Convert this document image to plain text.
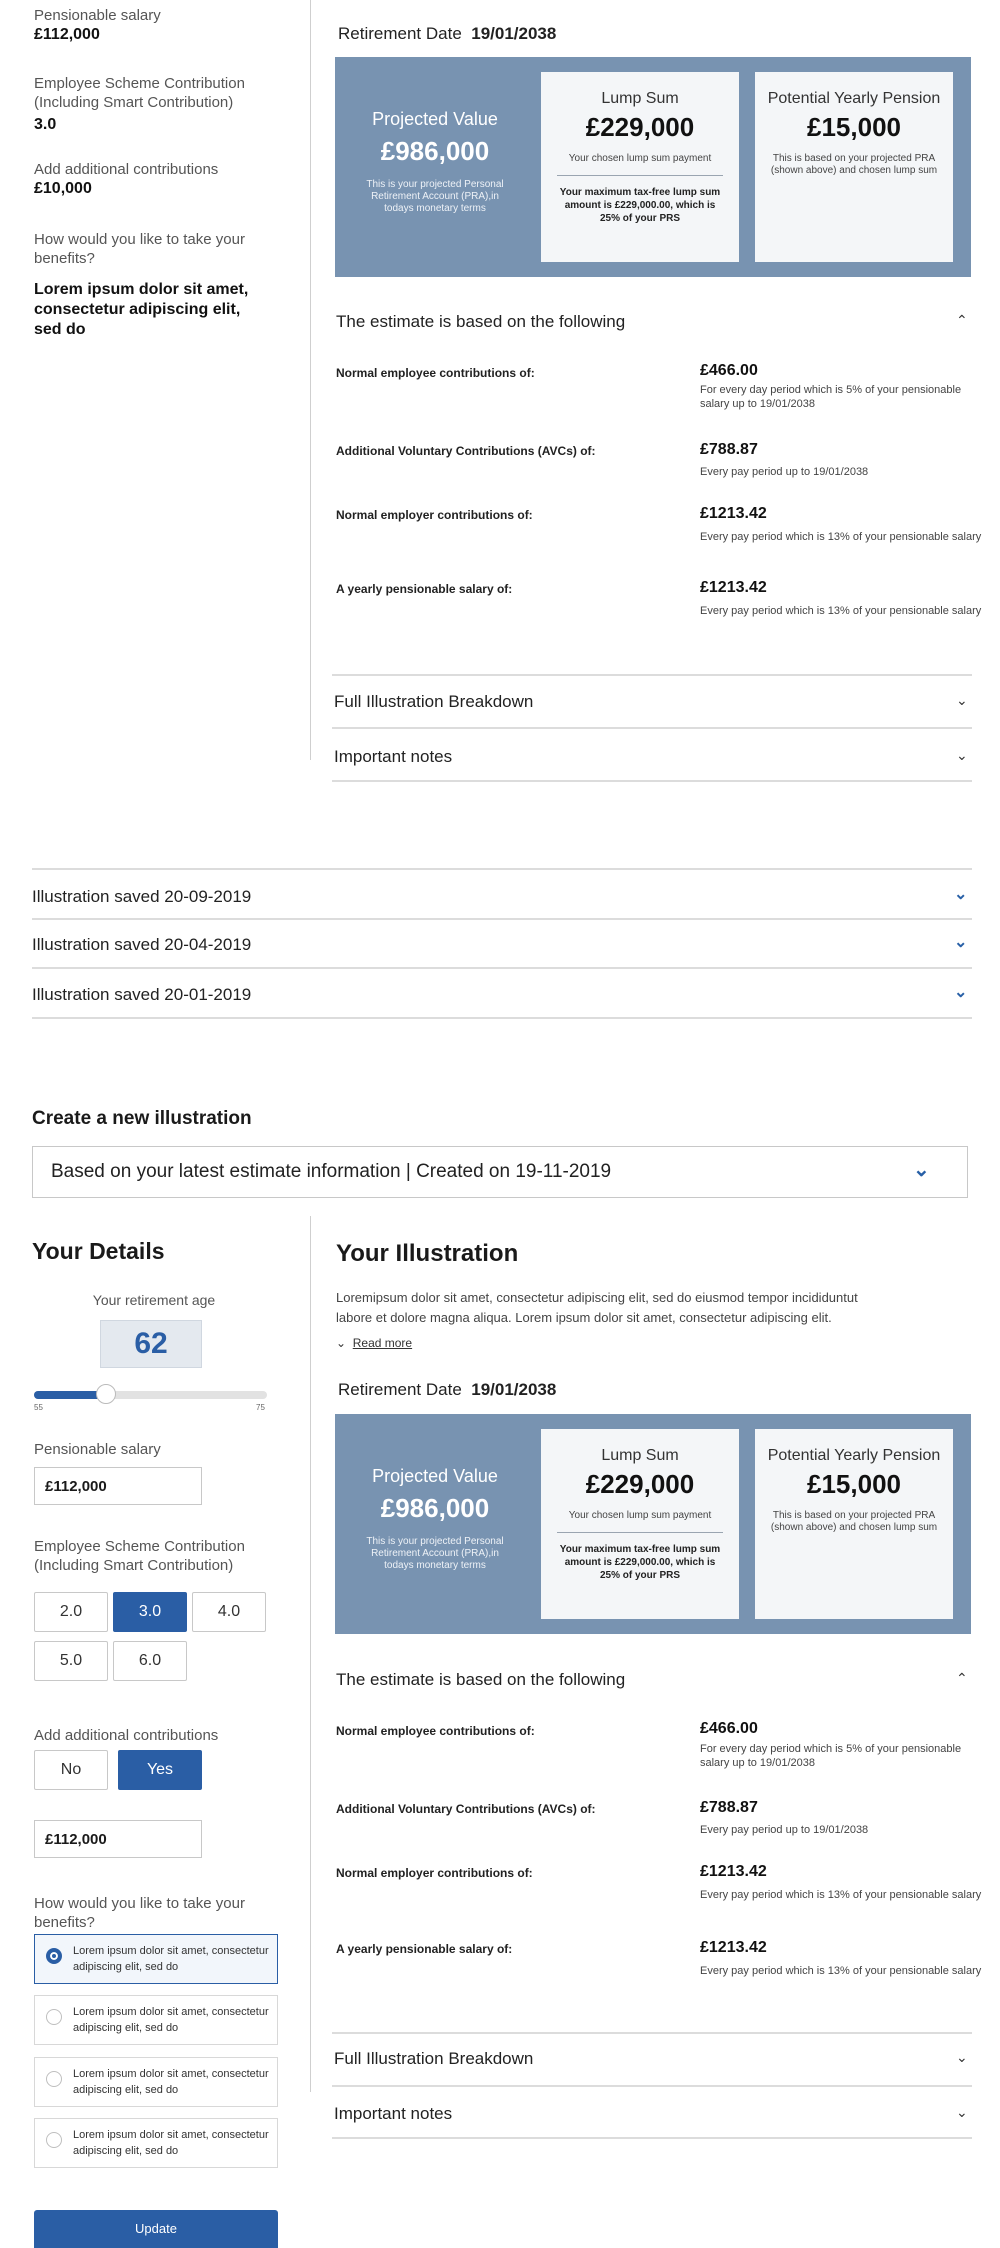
Pensionable salary
£112,000
Employee Scheme Contribution (Including Smart Contribution)
3.0
Add additional contributions
£10,000
How would you like to take your benefits?
Lorem ipsum dolor sit amet, consectetur adipiscing elit, sed do
Retirement Date 19/01/2038
Projected Value
£986,000
This is your projected Personal Retirement Account (PRA),in todays monetary terms
Lump Sum
£229,000
Your chosen lump sum payment
Your maximum tax-free lump sum amount is £229,000.00, which is 25% of your PRS
Potential Yearly Pension
£15,000
This is based on your projected PRA (shown above) and chosen lump sum
The estimate is based on the following	⌃
Normal employee contributions of:	£466.00
For every day period which is 5% of your pensionable salary up to 19/01/2038
Additional Voluntary Contributions (AVCs) of:	£788.87
Every pay period up to 19/01/2038
Normal employer contributions of:	£1213.42
Every pay period which is 13% of your pensionable salary
A yearly pensionable salary of:	£1213.42
Every pay period which is 13% of your pensionable salary
Full Illustration Breakdown	⌄
Important notes	⌄
Illustration saved 20-09-2019	⌄
Illustration saved 20-04-2019	⌄
Illustration saved 20-01-2019	⌄
Create a new illustration
Based on your latest estimate information | Created on 19-11-2019	⌄
Your Details
Your retirement age
62
55	75
Pensionable salary
£112,000
Employee Scheme Contribution (Including Smart Contribution)
2.0	3.0	4.0
5.0	6.0
Add additional contributions
No	Yes
£112,000
How would you like to take your benefits?
Lorem ipsum dolor sit amet, consectetur adipiscing elit, sed do
Lorem ipsum dolor sit amet, consectetur adipiscing elit, sed do
Lorem ipsum dolor sit amet, consectetur adipiscing elit, sed do
Lorem ipsum dolor sit amet, consectetur adipiscing elit, sed do
Update
Your Illustration
Loremipsum dolor sit amet, consectetur adipiscing elit, sed do eiusmod tempor incididuntut labore et dolore magna aliqua. Lorem ipsum dolor sit amet, consectetur adipiscing elit.
⌄ Read more
Retirement Date 19/01/2038
Projected Value
£986,000
This is your projected Personal Retirement Account (PRA),in todays monetary terms
Lump Sum
£229,000
Your chosen lump sum payment
Your maximum tax-free lump sum amount is £229,000.00, which is 25% of your PRS
Potential Yearly Pension
£15,000
This is based on your projected PRA (shown above) and chosen lump sum
The estimate is based on the following	⌃
Normal employee contributions of:	£466.00
For every day period which is 5% of your pensionable salary up to 19/01/2038
Additional Voluntary Contributions (AVCs) of:	£788.87
Every pay period up to 19/01/2038
Normal employer contributions of:	£1213.42
Every pay period which is 13% of your pensionable salary
A yearly pensionable salary of:	£1213.42
Every pay period which is 13% of your pensionable salary
Full Illustration Breakdown	⌄
Important notes	⌄
